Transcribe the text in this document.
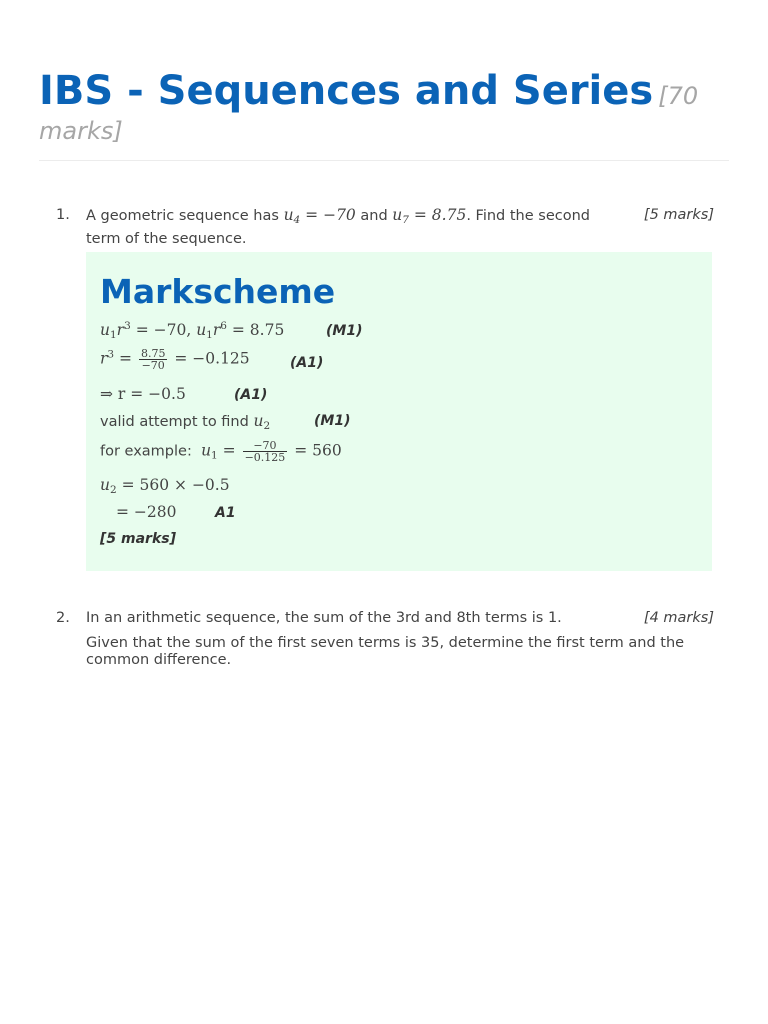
IBS - Sequences and Series [70
marks]
1. A geometric sequence has $u_4 = -70$ and $u_7 = 8.75$. Find the second
term of the sequence.
[5 marks]
Markscheme
$u_1r^3 = -70$, $u_1r^6 = 8.75$	(M1)
$r^3 = \frac{8.75}{-70} = -0.125$	(A1)
⇒ r = −0.5	(A1)
valid attempt to find $u_2$	(M1)
for example: $u_1 = \frac{-70}{-0.125} = 560$
$u_2 = 560 \times -0.5$
= −280	A1
[5 marks]
2. In an arithmetic sequence, the sum of the 3rd and 8th terms is 1.
Given that the sum of the first seven terms is 35, determine the first term and the common difference.
[4 marks]
